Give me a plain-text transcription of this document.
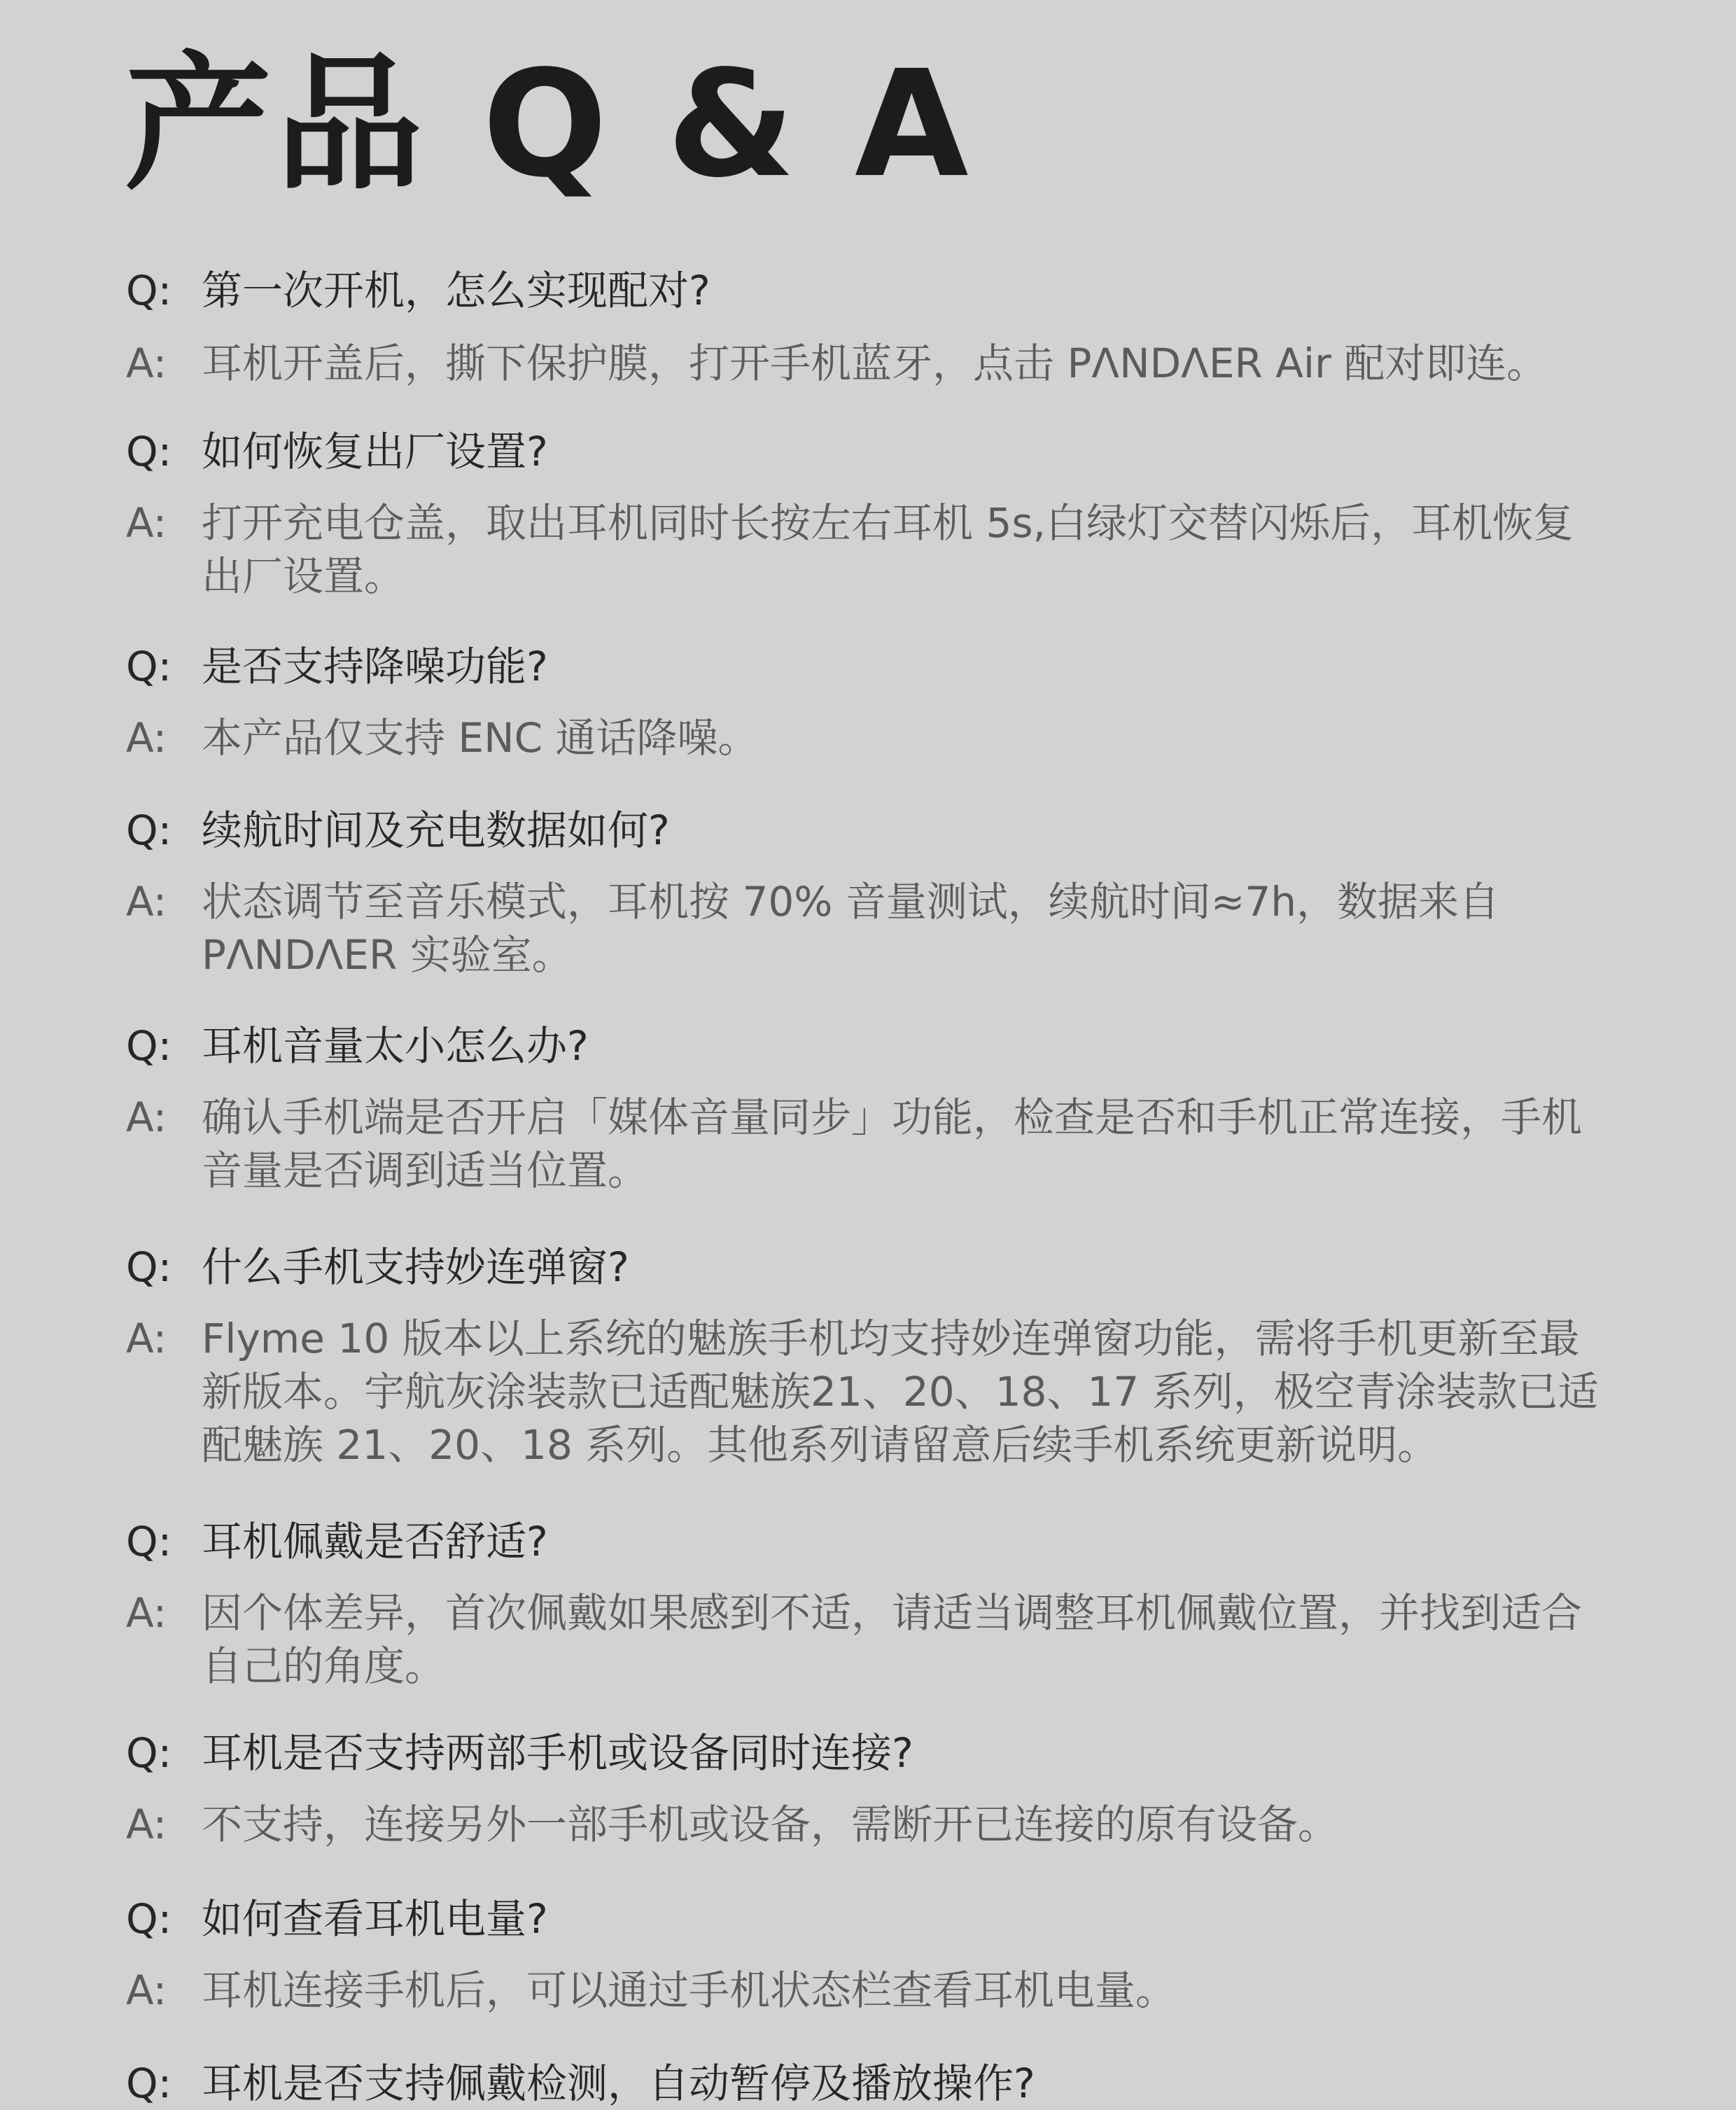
产品 Q & A
Q: 第一次开机，怎么实现配对?
A: 耳机开盖后，撕下保护膜，打开手机蓝牙，点击 PΛNDΛER Air 配对即连。
Q: 如何恢复出厂设置?
A: 打开充电仓盖，取出耳机同时长按左右耳机 5s,白绿灯交替闪烁后，耳机恢复出厂设置。
Q: 是否支持降噪功能?
A: 本产品仅支持 ENC 通话降噪。
Q: 续航时间及充电数据如何?
A: 状态调节至音乐模式，耳机按 70% 音量测试，续航时间≈7h，数据来自 PΛNDΛER 实验室。
Q: 耳机音量太小怎么办?
A: 确认手机端是否开启「媒体音量同步」功能，检查是否和手机正常连接，手机音量是否调到适当位置。
Q: 什么手机支持妙连弹窗?
A: Flyme 10 版本以上系统的魅族手机均支持妙连弹窗功能，需将手机更新至最新版本。宇航灰涂装款已适配魅族21、20、18、17 系列，极空青涂装款已适配魅族 21、20、18 系列。其他系列请留意后续手机系统更新说明。
Q: 耳机佩戴是否舒适?
A: 因个体差异，首次佩戴如果感到不适，请适当调整耳机佩戴位置，并找到适合自己的角度。
Q: 耳机是否支持两部手机或设备同时连接?
A: 不支持，连接另外一部手机或设备，需断开已连接的原有设备。
Q: 如何查看耳机电量?
A: 耳机连接手机后，可以通过手机状态栏查看耳机电量。
Q: 耳机是否支持佩戴检测，自动暂停及播放操作?
